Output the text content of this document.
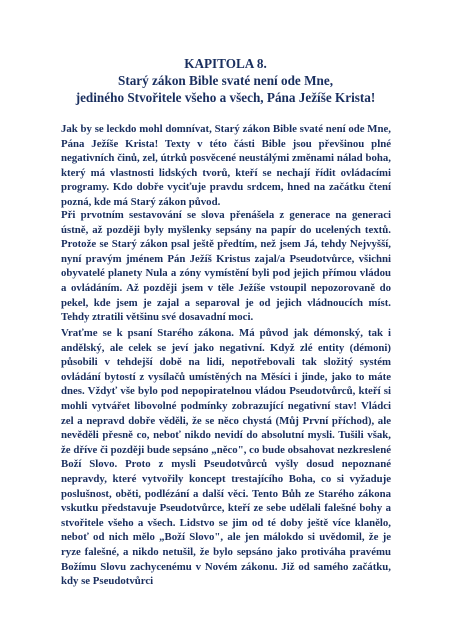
KAPITOLA 8.
Starý zákon Bible svaté není ode Mne,
jediného Stvořitele všeho a všech, Pána Ježíše Krista!
Jak by se leckdo mohl domnívat, Starý zákon Bible svaté není ode Mne, Pána Ježíše Krista! Texty v této části Bible jsou převšinou plné negativních činů, zel, útrků posvěcené neustálými změnami nálad boha, který má vlastnosti lidských tvorů, kteří se nechají řídit ovládacími programy. Kdo dobře vyciťuje pravdu srdcem, hned na začátku čtení pozná, kde má Starý zákon původ.
Při prvotním sestavování se slova přenášela z generace na generaci ústně, až později byly myšlenky sepsány na papír do ucelených textů. Protože se Starý zákon psal ještě předtím, než jsem Já, tehdy Nejvyšší, nyní pravým jménem Pán Ježíš Kristus zajal/a Pseudotvůrce, všichni obyvatelé planety Nula a zóny vymístění byli pod jejich přímou vládou a ovládáním. Až později jsem v těle Ježíše vstoupil nepozorovaně do pekel, kde jsem je zajal a separoval je od jejich vládnoucích míst. Tehdy ztratili většinu své dosavadní moci.
Vraťme se k psaní Starého zákona. Má původ jak démonský, tak i andělský, ale celek se jeví jako negativní. Když zlé entity (démoni) působili v tehdejší době na lidi, nepotřebovali tak složitý systém ovládání bytostí z vysílačů umístěných na Měsíci i jinde, jako to máte dnes. Vždyť vše bylo pod nepopiratelnou vládou Pseudotvůrců, kteří si mohli vytvářet libovolné podmínky zobrazující negativní stav! Vládci zel a nepravd dobře věděli, že se něco chystá (Můj První příchod), ale nevěděli přesně co, neboť nikdo nevidí do absolutní mysli. Tušili však, že dříve či později bude sepsáno „něco", co bude obsahovat nezkreslené Boží Slovo. Proto z mysli Pseudotvůrců vyšly dosud nepoznané nepravdy, které vytvořily koncept trestajícího Boha, co si vyžaduje poslušnost, oběti, podlézání a další věci. Tento Bůh ze Starého zákona vskutku představuje Pseudotvůrce, kteří ze sebe udělali falešné bohy a stvořitele všeho a všech. Lidstvo se jim od té doby ještě více klanělo, neboť od nich mělo „Boží Slovo", ale jen málokdo si uvědomil, že je ryze falešné, a nikdo netušil, že bylo sepsáno jako protiváha pravému Božímu Slovu zachycenému v Novém zákonu. Již od samého začátku, kdy se Pseudotvůrci
